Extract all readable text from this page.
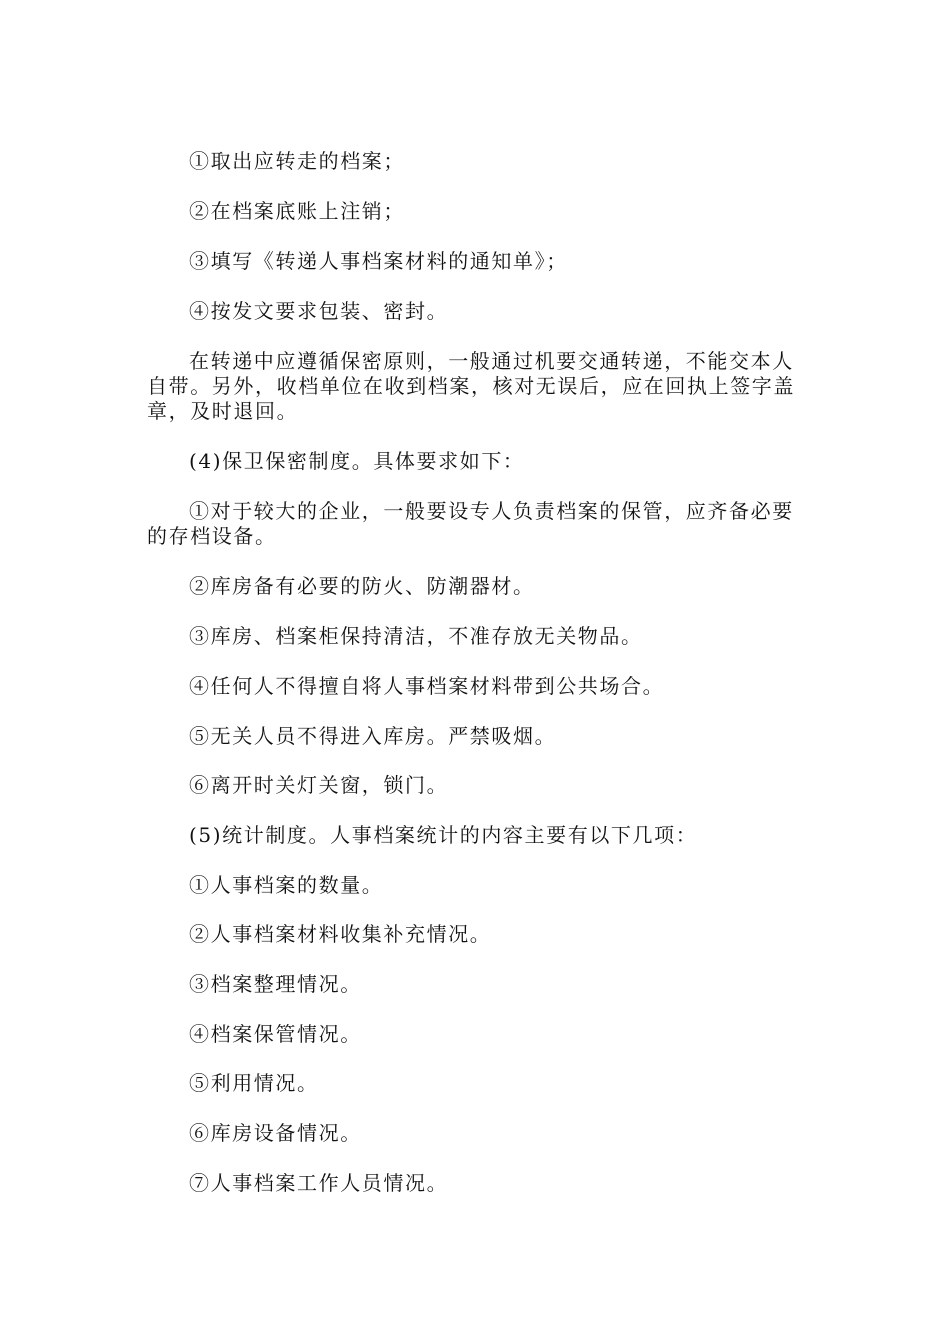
①取出应转走的档案；

②在档案底账上注销；

③填写《转递人事档案材料的通知单》；

④按发文要求包装、密封。

在转递中应遵循保密原则，一般通过机要交通转递，不能交本人自带。另外，收档单位在收到档案，核对无误后，应在回执上签字盖章，及时退回。

(4)保卫保密制度。具体要求如下：

①对于较大的企业，一般要设专人负责档案的保管，应齐备必要的存档设备。

②库房备有必要的防火、防潮器材。

③库房、档案柜保持清洁，不准存放无关物品。

④任何人不得擅自将人事档案材料带到公共场合。

⑤无关人员不得进入库房。严禁吸烟。

⑥离开时关灯关窗，锁门。

(5)统计制度。人事档案统计的内容主要有以下几项：

①人事档案的数量。

②人事档案材料收集补充情况。

③档案整理情况。

④档案保管情况。

⑤利用情况。

⑥库房设备情况。

⑦人事档案工作人员情况。
